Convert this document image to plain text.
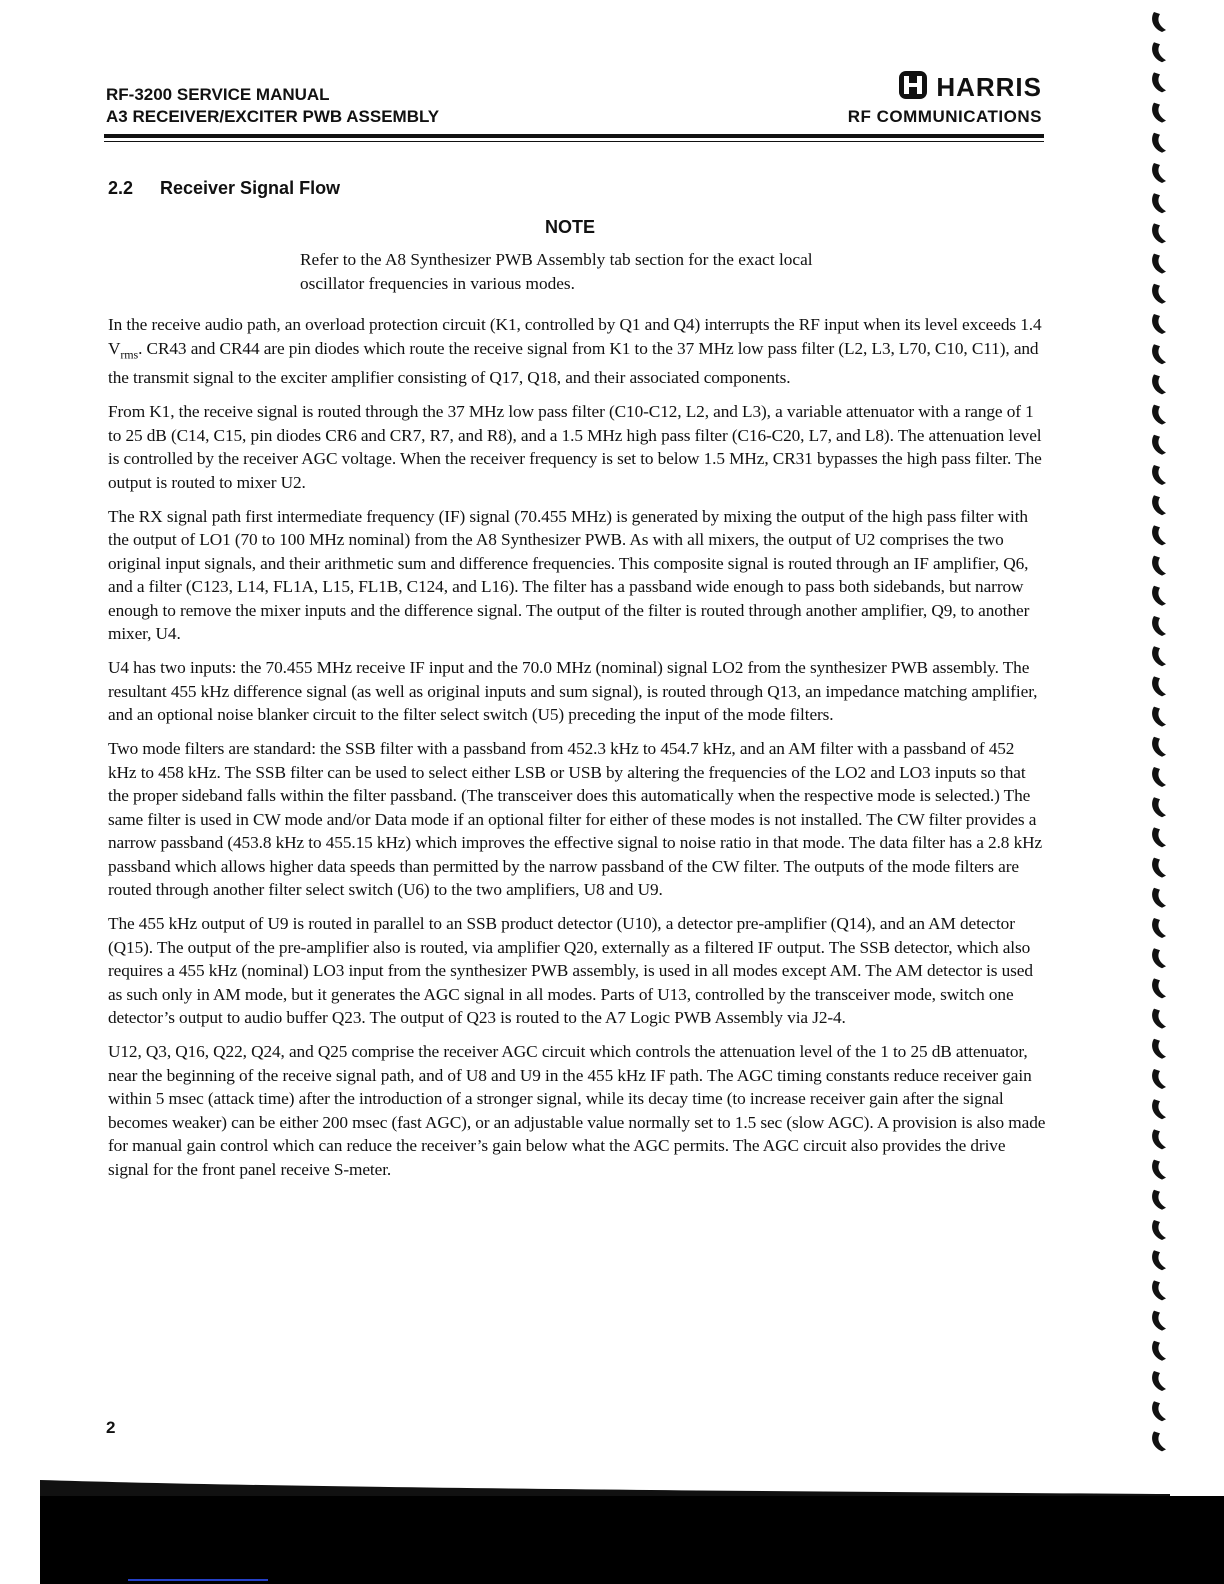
RF-3200 SERVICE MANUAL
A3 RECEIVER/EXCITER PWB ASSEMBLY
HARRIS
RF COMMUNICATIONS
2.2 Receiver Signal Flow
NOTE
Refer to the A8 Synthesizer PWB Assembly tab section for the exact local oscillator frequencies in various modes.

In the receive audio path, an overload protection circuit (K1, controlled by Q1 and Q4) interrupts the RF input when its level exceeds 1.4 $V_{rms}$. CR43 and CR44 are pin diodes which route the receive signal from K1 to the 37 MHz low pass filter (L2, L3, L70, C10, C11), and the transmit signal to the exciter amplifier consisting of Q17, Q18, and their associated components.

From K1, the receive signal is routed through the 37 MHz low pass filter (C10-C12, L2, and L3), a variable attenuator with a range of 1 to 25 dB (C14, C15, pin diodes CR6 and CR7, R7, and R8), and a 1.5 MHz high pass filter (C16-C20, L7, and L8). The attenuation level is controlled by the receiver AGC voltage. When the receiver frequency is set to below 1.5 MHz, CR31 bypasses the high pass filter. The output is routed to mixer U2.

The RX signal path first intermediate frequency (IF) signal (70.455 MHz) is generated by mixing the output of the high pass filter with the output of LO1 (70 to 100 MHz nominal) from the A8 Synthesizer PWB. As with all mixers, the output of U2 comprises the two original input signals, and their arithmetic sum and difference frequencies. This composite signal is routed through an IF amplifier, Q6, and a filter (C123, L14, FL1A, L15, FL1B, C124, and L16). The filter has a passband wide enough to pass both sidebands, but narrow enough to remove the mixer inputs and the difference signal. The output of the filter is routed through another amplifier, Q9, to another mixer, U4.

U4 has two inputs: the 70.455 MHz receive IF input and the 70.0 MHz (nominal) signal LO2 from the synthesizer PWB assembly. The resultant 455 kHz difference signal (as well as original inputs and sum signal), is routed through Q13, an impedance matching amplifier, and an optional noise blanker circuit to the filter select switch (U5) preceding the input of the mode filters.

Two mode filters are standard: the SSB filter with a passband from 452.3 kHz to 454.7 kHz, and an AM filter with a passband of 452 kHz to 458 kHz. The SSB filter can be used to select either LSB or USB by altering the frequencies of the LO2 and LO3 inputs so that the proper sideband falls within the filter passband. (The transceiver does this automatically when the respective mode is selected.) The same filter is used in CW mode and/or Data mode if an optional filter for either of these modes is not installed. The CW filter provides a narrow passband (453.8 kHz to 455.15 kHz) which improves the effective signal to noise ratio in that mode. The data filter has a 2.8 kHz passband which allows higher data speeds than permitted by the narrow passband of the CW filter. The outputs of the mode filters are routed through another filter select switch (U6) to the two amplifiers, U8 and U9.

The 455 kHz output of U9 is routed in parallel to an SSB product detector (U10), a detector pre-amplifier (Q14), and an AM detector (Q15). The output of the pre-amplifier also is routed, via amplifier Q20, externally as a filtered IF output. The SSB detector, which also requires a 455 kHz (nominal) LO3 input from the synthesizer PWB assembly, is used in all modes except AM. The AM detector is used as such only in AM mode, but it generates the AGC signal in all modes. Parts of U13, controlled by the transceiver mode, switch one detector’s output to audio buffer Q23. The output of Q23 is routed to the A7 Logic PWB Assembly via J2-4.

U12, Q3, Q16, Q22, Q24, and Q25 comprise the receiver AGC circuit which controls the attenuation level of the 1 to 25 dB attenuator, near the beginning of the receive signal path, and of U8 and U9 in the 455 kHz IF path. The AGC timing constants reduce receiver gain within 5 msec (attack time) after the introduction of a stronger signal, while its decay time (to increase receiver gain after the signal becomes weaker) can be either 200 msec (fast AGC), or an adjustable value normally set to 1.5 sec (slow AGC). A provision is also made for manual gain control which can reduce the receiver’s gain below what the AGC permits. The AGC circuit also provides the drive signal for the front panel receive S-meter.

2
